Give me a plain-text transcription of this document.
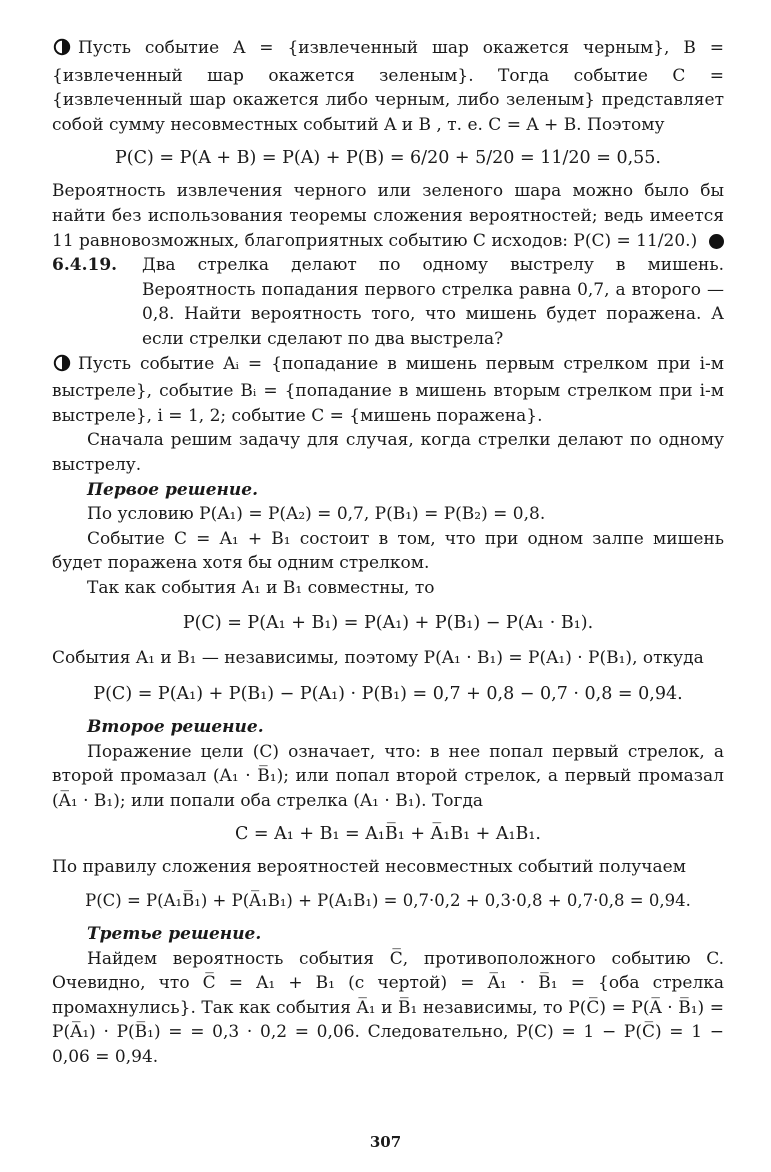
Пусть событие A = {извлеченный шар окажется черным}, B = {извлеченный шар окажется зеленым}. Тогда событие C = {извлеченный шар окажется либо черным, либо зеленым} представляет собой сумму несовместных событий A и B , т. е. C = A + B. Поэтому

P(C) = P(A + B) = P(A) + P(B) = 6/20 + 5/20 = 11/20 = 0,55.

Вероятность извлечения черного или зеленого шара можно было бы найти без использования теоремы сложения вероятностей; ведь имеется 11 равновозможных, благоприятных событию C исходов: P(C) = 11/20.)

6.4.19.	Два стрелка делают по одному выстрелу в мишень. Вероятность попадания первого стрелка равна 0,7, а второго — 0,8. Найти вероятность того, что мишень будет поражена. А если стрелки сделают по два выстрела?

Пусть событие Aᵢ = {попадание в мишень первым стрелком при i-м выстреле}, событие Bᵢ = {попадание в мишень вторым стрелком при i-м выстреле}, i = 1, 2; событие C = {мишень поражена}.

Сначала решим задачу для случая, когда стрелки делают по одному выстрелу.

Первое решение.

По условию P(A₁) = P(A₂) = 0,7, P(B₁) = P(B₂) = 0,8.

Событие C = A₁ + B₁ состоит в том, что при одном залпе мишень будет поражена хотя бы одним стрелком.

Так как события A₁ и B₁ совместны, то

P(C) = P(A₁ + B₁) = P(A₁) + P(B₁) − P(A₁ · B₁).

События A₁ и B₁ — независимы, поэтому P(A₁ · B₁) = P(A₁) · P(B₁), откуда

P(C) = P(A₁) + P(B₁) − P(A₁) · P(B₁) = 0,7 + 0,8 − 0,7 · 0,8 = 0,94.

Второе решение.

Поражение цели (C) означает, что: в нее попал первый стрелок, а второй промазал (A₁ · B̅₁); или попал второй стрелок, а первый промазал (A̅₁ · B₁); или попали оба стрелка (A₁ · B₁). Тогда

C = A₁ + B₁ = A₁B̅₁ + A̅₁B₁ + A₁B₁.

По правилу сложения вероятностей несовместных событий получаем

P(C) = P(A₁B̅₁) + P(A̅₁B₁) + P(A₁B₁) = 0,7·0,2 + 0,3·0,8 + 0,7·0,8 = 0,94.

Третье решение.

Найдем вероятность события C̅, противоположного событию C. Очевидно, что C̅ = A₁ + B₁ (с чертой) = A̅₁ · B̅₁ = {оба стрелка промахнулись}. Так как события A̅₁ и B̅₁ независимы, то P(C̅) = P(A̅ · B̅₁) = P(A̅₁) · P(B̅₁) = = 0,3 · 0,2 = 0,06. Следовательно, P(C) = 1 − P(C̅) = 1 − 0,06 = 0,94.

307
